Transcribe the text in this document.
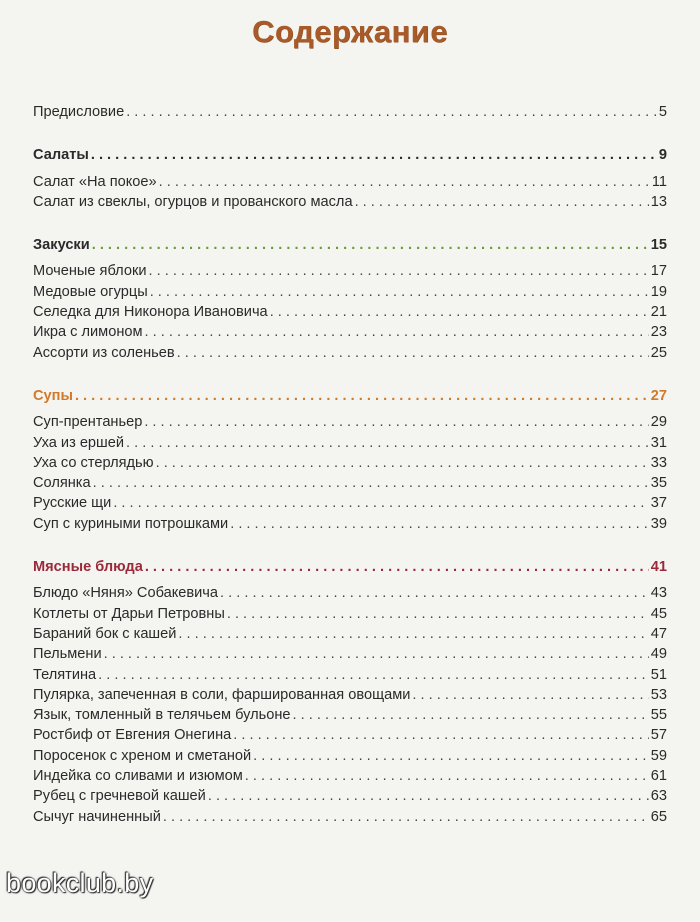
Содержание
Предисловие . . .	5
Салаты . . .	9
Салат «На покое» . . .	11
Салат из свеклы, огурцов и прованского масла . . .	13
Закуски . . .	15
Моченые яблоки . . .	17
Медовые огурцы . . .	19
Селедка для Никонора Ивановича . . .	21
Икра с лимоном . . .	23
Ассорти из соленьев . . .	25
Супы . . .	27
Суп-прентаньер . . .	29
Уха из ершей . . .	31
Уха со стерлядью . . .	33
Солянка . . .	35
Русские щи . . .	37
Суп с куриными потрошками . . .	39
Мясные блюда . . .	41
Блюдо «Няня» Собакевича . . .	43
Котлеты от Дарьи Петровны . . .	45
Бараний бок с кашей . . .	47
Пельмени . . .	49
Телятина . . .	51
Пулярка, запеченная в соли, фаршированная овощами . . .	53
Язык, томленный в телячьем бульоне . . .	55
Ростбиф от Евгения Онегина . . .	57
Поросенок с хреном и сметаной . . .	59
Индейка со сливами и изюмом . . .	61
Рубец с гречневой кашей . . .	63
Сычуг начиненный . . .	65
bookclub.by
